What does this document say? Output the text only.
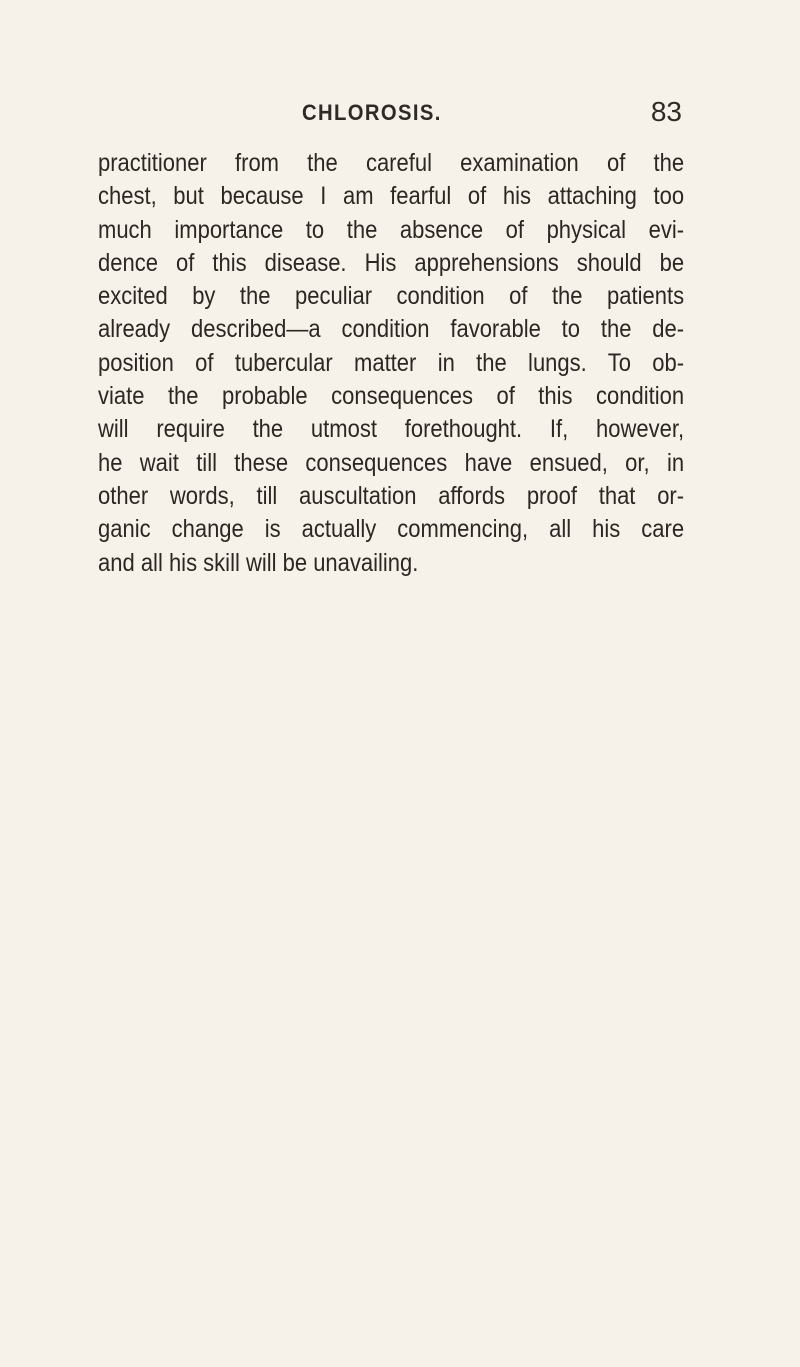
CHLOROSIS.	83
practitioner from the careful examination of the
chest, but because I am fearful of his attaching too
much importance to the absence of physical evi-
dence of this disease. His apprehensions should be
excited by the peculiar condition of the patients
already described—a condition favorable to the de-
position of tubercular matter in the lungs. To ob-
viate the probable consequences of this condition
will require the utmost forethought. If, however,
he wait till these consequences have ensued, or, in
other words, till auscultation affords proof that or-
ganic change is actually commencing, all his care
and all his skill will be unavailing.
